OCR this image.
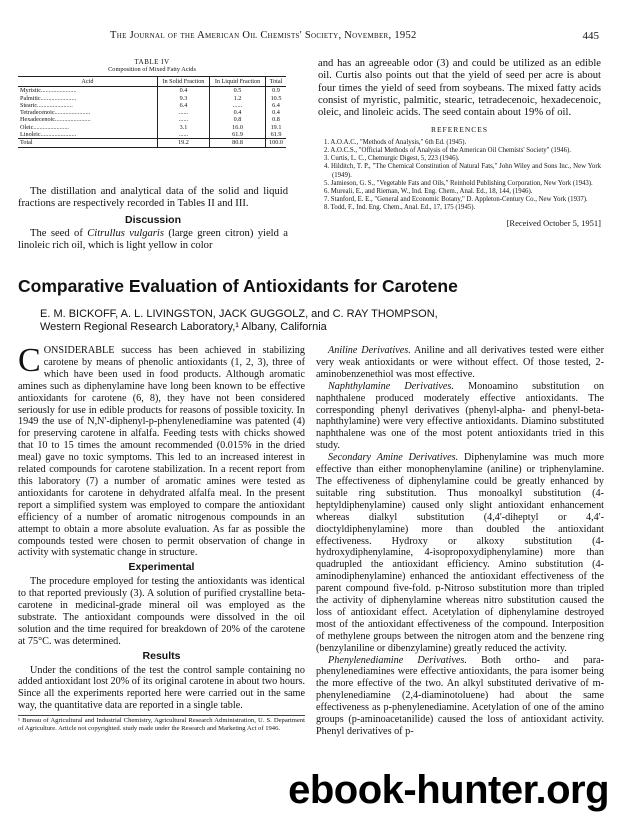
The Journal of the American Oil Chemists' Society, November, 1952	445
TABLE IV
Composition of Mixed Fatty Acids
Acid	In Solid Fraction	In Liquid Fraction	Total
Myristic.......................	0.4	0.5	0.9
Palmitic.......................	9.3	1.2	10.5
Stearic.......................	6.4	......	6.4
Tetradecenoic.......................	......	0.4	0.4
Hexadecenoic.......................	......	0.8	0.8
Oleic.......................	3.1	16.0	19.1
Linoleic.......................	......	61.9	61.9
Total	19.2	80.8	100.0

The distillation and analytical data of the solid and liquid fractions are respectively recorded in Tables II and III.

Discussion

The seed of Citrullus vulgaris (large green citron) yield a linoleic rich oil, which is light yellow in color

and has an agreeable odor (3) and could be utilized as an edible oil. Curtis also points out that the yield of seed per acre is about four times the yield of seed from soybeans. The mixed fatty acids consist of myristic, palmitic, stearic, tetradecenoic, hexadecenoic, oleic, and linoleic acids. The seed contain about 19% of oil.

REFERENCES
1. A.O.A.C., "Methods of Analysis," 6th Ed. (1945).
2. A.O.C.S., "Official Methods of Analysis of the American Oil Chemists' Society" (1946).
3. Curtis, L. C., Chemurgic Digest, 5, 223 (1946).
4. Hilditch, T. P., "The Chemical Constitution of Natural Fats," John Wiley and Sons Inc., New York (1949).
5. Jamieson, G. S., "Vegetable Fats and Oils," Reinhold Publishing Corporation, New York (1943).
6. Mureali, E., and Rieman, W., Ind. Eng. Chem., Anal. Ed., 18, 144, (1946).
7. Stanford, E. E., "General and Economic Botany," D. Appleton-Century Co., New York (1937).
8. Todd, F., Ind. Eng. Chem., Anal. Ed., 17, 175 (1945).
[Received October 5, 1951]
Comparative Evaluation of Antioxidants for Carotene
E. M. BICKOFF, A. L. LIVINGSTON, JACK GUGGOLZ, and C. RAY THOMPSON,
Western Regional Research Laboratory,¹ Albany, California

CONSIDERABLE success has been achieved in stabilizing carotene by means of phenolic antioxidants (1, 2, 3), three of which have been used in food products. Although aromatic amines such as diphenylamine have long been known to be effective antioxidants for carotene (6, 8), they have not been considered seriously for use in edible products for reasons of possible toxicity. In 1949 the use of N,N'-diphenyl-p-phenylenediamine was patented (4) for preserving carotene in alfalfa. Feeding tests with chicks showed that 10 to 15 times the amount recommended (0.015% in the dried meal) gave no toxic symptoms. This led to an increased interest in related compounds for carotene stabilization. In a recent report from this laboratory (7) a number of aromatic amines were tested as antioxidants for carotene in dehydrated alfalfa meal. In the present report a simplified system was employed to compare the antioxidant efficiency of a number of aromatic nitrogenous compounds in an attempt to obtain a more absolute evaluation. As far as possible the compounds tested were chosen to permit observation of change in activity with systematic change in structure.

Experimental

The procedure employed for testing the antioxidants was identical to that reported previously (3). A solution of purified crystalline beta-carotene in medicinal-grade mineral oil was employed as the substrate. The antioxidant compounds were dissolved in the oil solution and the time required for breakdown of 20% of the carotene at 75°C. was determined.

Results

Under the conditions of the test the control sample containing no added antioxidant lost 20% of its original carotene in about two hours. Since all the experiments reported here were carried out in the same way, the quantitative data are reported in a single table.

¹ Bureau of Agricultural and Industrial Chemistry, Agricultural Research Administration, U. S. Department of Agriculture. Article not copyrighted. study made under the Research and Marketing Act of 1946.

Aniline Derivatives. Aniline and all derivatives tested were either very weak antioxidants or were without effect. Of those tested, 2-aminobenzenethiol was most effective.

Naphthylamine Derivatives. Monoamino substitution on naphthalene produced moderately effective antioxidants. The corresponding phenyl derivatives (phenyl-alpha- and phenyl-beta-naphthylamine) were very effective antioxidants. Diamino substituted naphthalene was one of the most potent antioxidants tried in this study.

Secondary Amine Derivatives. Diphenylamine was much more effective than either monophenylamine (aniline) or triphenylamine. The effectiveness of diphenylamine could be greatly enhanced by suitable ring substitution. Thus monoalkyl substitution (4-heptyldiphenylamine) caused only slight antioxidant enhancement whereas dialkyl substitution (4,4'-diheptyl or 4,4'-dioctyldiphenylamine) more than doubled the antioxidant effectiveness. Hydroxy or alkoxy substitution (4-hydroxydiphenylamine, 4-isopropoxydiphenylamine) more than quadrupled the antioxidant efficiency. Amino substitution (4-aminodiphenylamine) enhanced the antioxidant effectiveness of the parent compound five-fold. p-Nitroso substitution more than tripled the activity of diphenylamine whereas nitro substitution caused the loss of antioxidant effect. Acetylation of diphenylamine destroyed most of the antioxidant effectiveness of the compound. Interposition of methylene groups between the nitrogen atom and the benzene ring (benzylaniline or dibenzylamine) greatly reduced the activity.

Phenylenediamine Derivatives. Both ortho- and para-phenylenediamines were effective antioxidants, the para isomer being the more effective of the two. An alkyl substituted derivative of m-phenylenediamine (2,4-diaminotoluene) had about the same effectiveness as p-phenylenediamine. Acetylation of one of the amino groups (p-aminoacetanilide) caused the loss of antioxidant activity. Phenyl derivatives of p-

ebook-hunter.org
